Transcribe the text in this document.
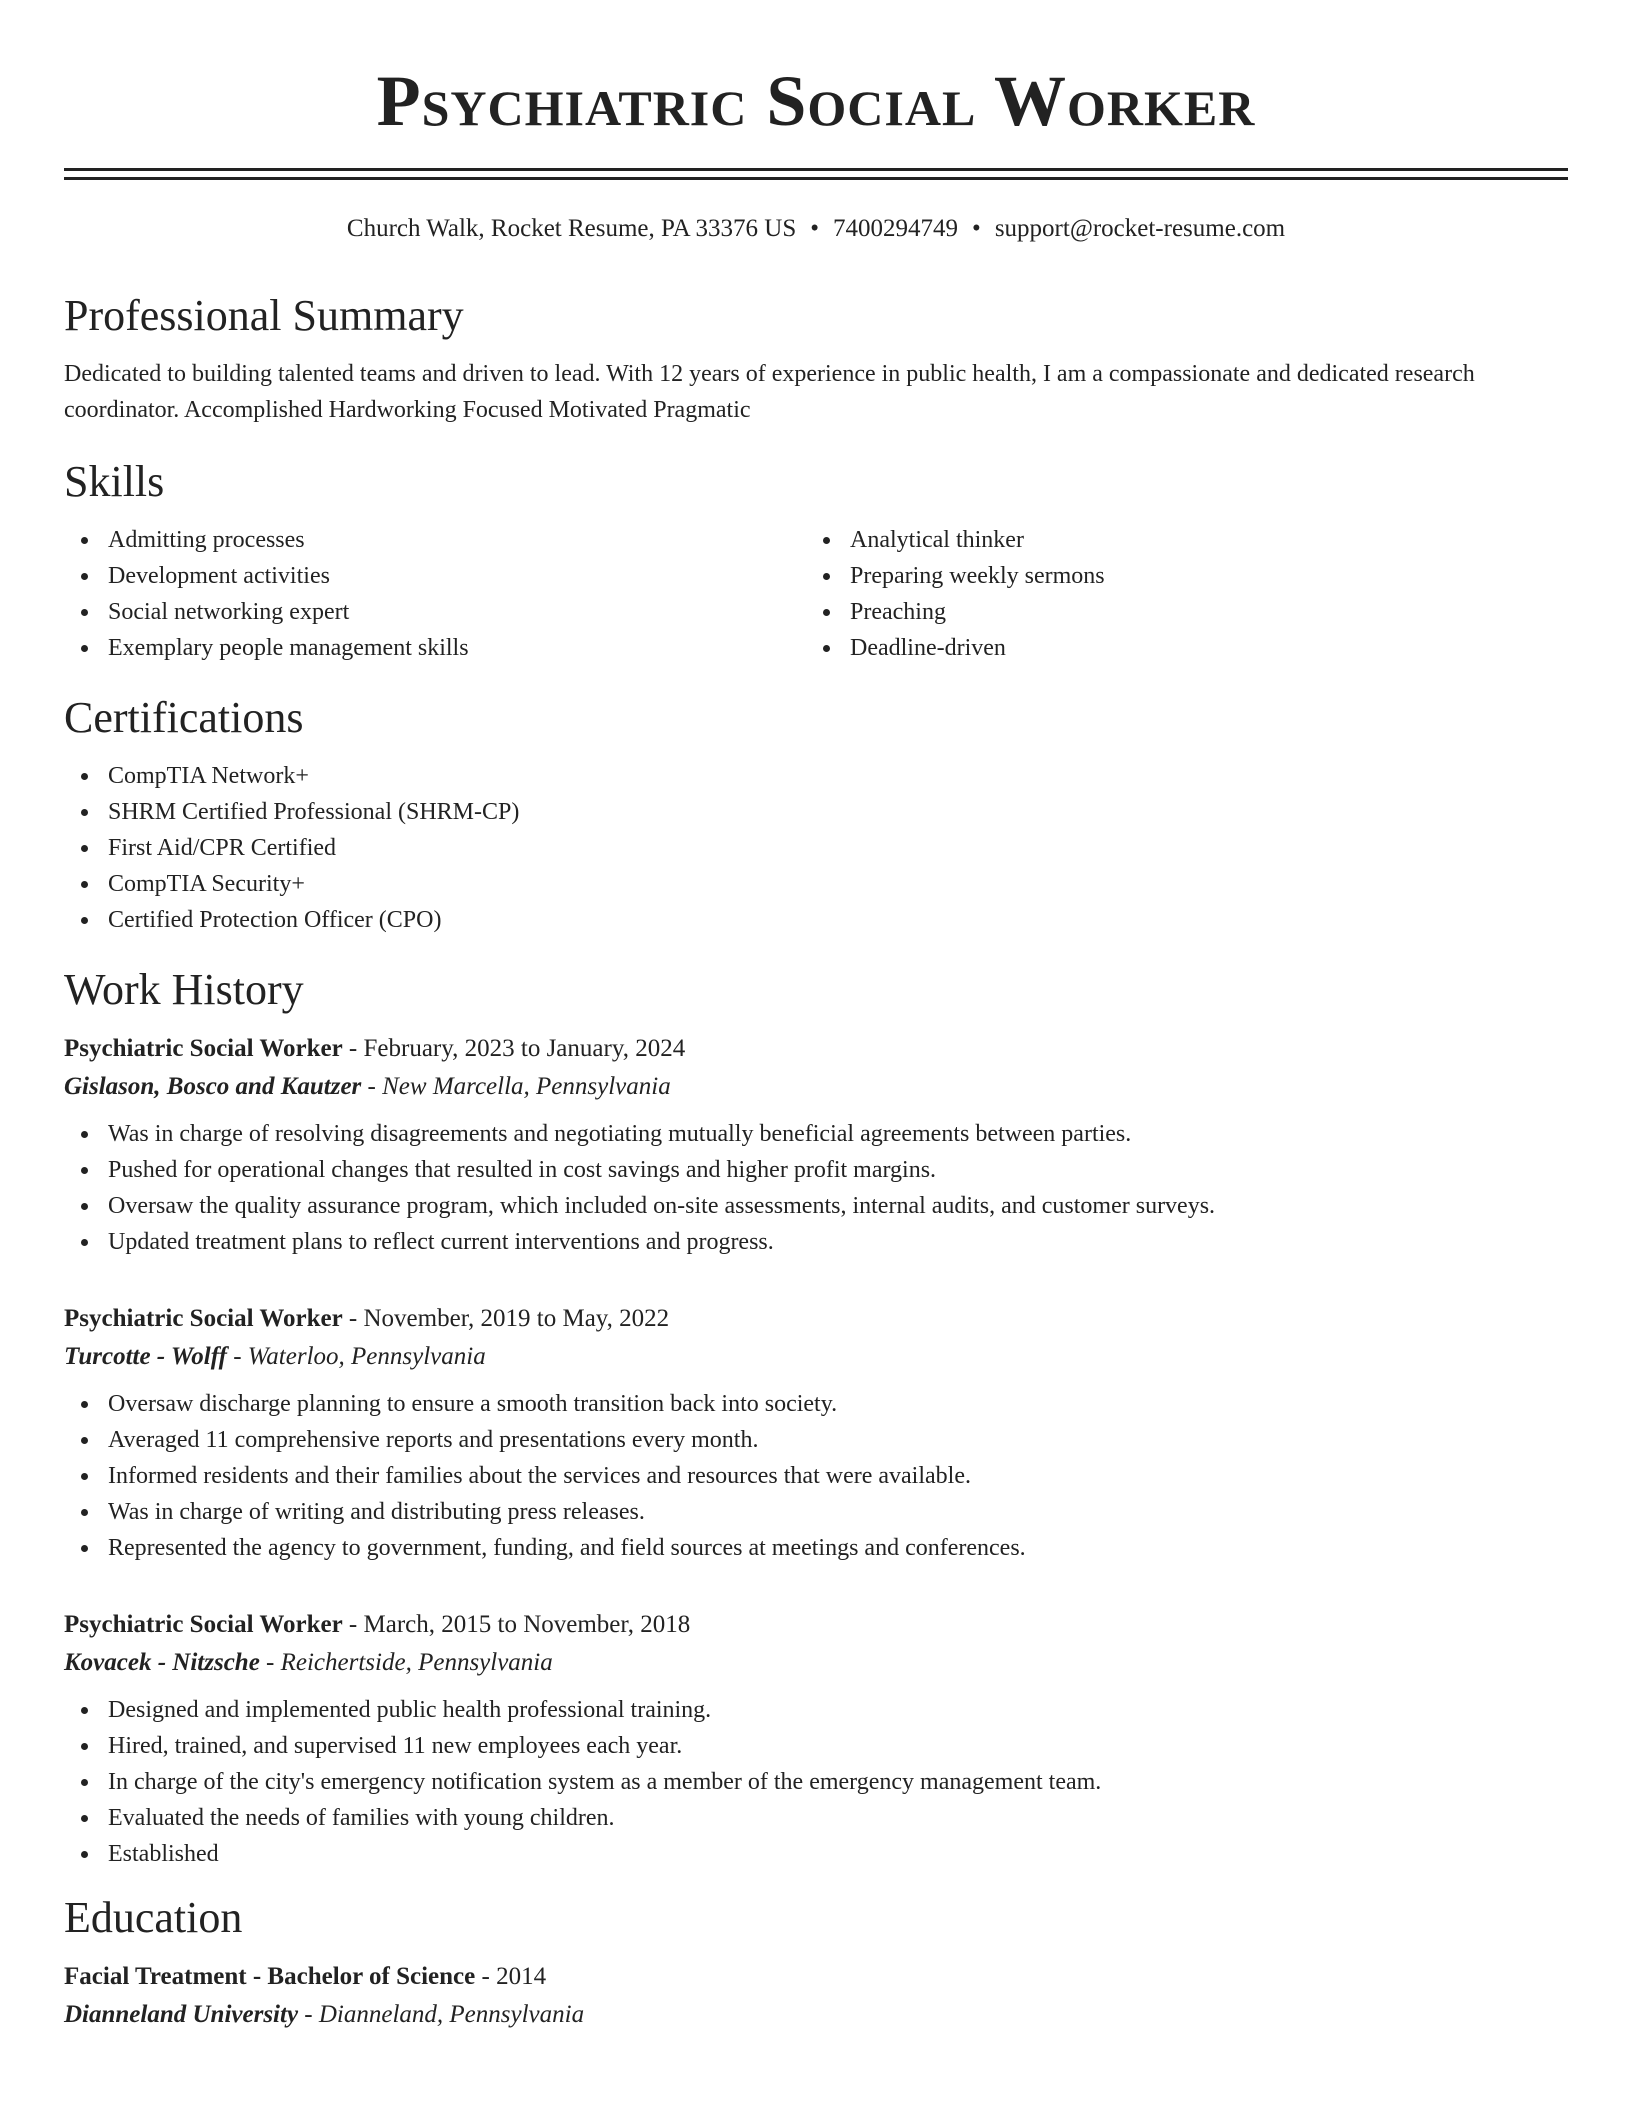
Psychiatric Social Worker
Church Walk, Rocket Resume, PA 33376 US • 7400294749 • support@rocket-resume.com
Professional Summary

Dedicated to building talented teams and driven to lead. With 12 years of experience in public health, I am a compassionate and dedicated research coordinator. Accomplished Hardworking Focused Motivated Pragmatic

Skills
Admitting processes
Development activities
Social networking expert
Exemplary people management skills
Analytical thinker
Preparing weekly sermons
Preaching
Deadline-driven
Certifications
CompTIA Network+
SHRM Certified Professional (SHRM-CP)
First Aid/CPR Certified
CompTIA Security+
Certified Protection Officer (CPO)
Work History
Psychiatric Social Worker - February, 2023 to January, 2024
Gislason, Bosco and Kautzer - New Marcella, Pennsylvania
Was in charge of resolving disagreements and negotiating mutually beneficial agreements between parties.
Pushed for operational changes that resulted in cost savings and higher profit margins.
Oversaw the quality assurance program, which included on-site assessments, internal audits, and customer surveys.
Updated treatment plans to reflect current interventions and progress.
Psychiatric Social Worker - November, 2019 to May, 2022
Turcotte - Wolff - Waterloo, Pennsylvania
Oversaw discharge planning to ensure a smooth transition back into society.
Averaged 11 comprehensive reports and presentations every month.
Informed residents and their families about the services and resources that were available.
Was in charge of writing and distributing press releases.
Represented the agency to government, funding, and field sources at meetings and conferences.
Psychiatric Social Worker - March, 2015 to November, 2018
Kovacek - Nitzsche - Reichertside, Pennsylvania
Designed and implemented public health professional training.
Hired, trained, and supervised 11 new employees each year.
In charge of the city's emergency notification system as a member of the emergency management team.
Evaluated the needs of families with young children.
Established
Education
Facial Treatment - Bachelor of Science - 2014
Dianneland University - Dianneland, Pennsylvania
